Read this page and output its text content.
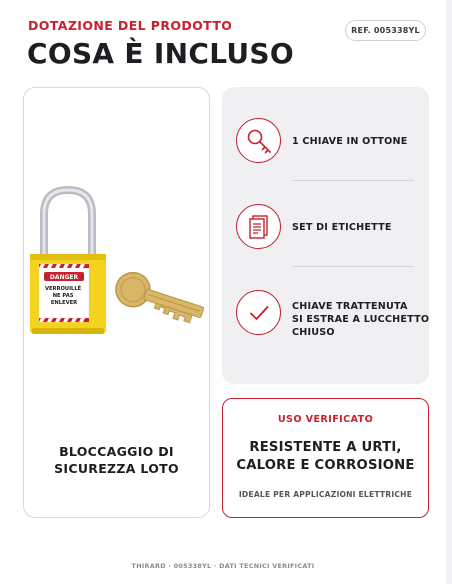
DOTAZIONE DEL PRODOTTO
COSA È INCLUSO
REF. 005338YL
DANGER
VERROUILLÉ NE PAS ENLEVER
BLOCCAGGIO DI
SICUREZZA LOTO
1 CHIAVE IN OTTONE
SET DI ETICHETTE
CHIAVE TRATTENUTA
SI ESTRAE A LUCCHETTO
CHIUSO
USO VERIFICATO
RESISTENTE A URTI,
CALORE E CORROSIONE
IDEALE PER APPLICAZIONI ELETTRICHE
THIRARD · 005338YL · DATI TECNICI VERIFICATI
